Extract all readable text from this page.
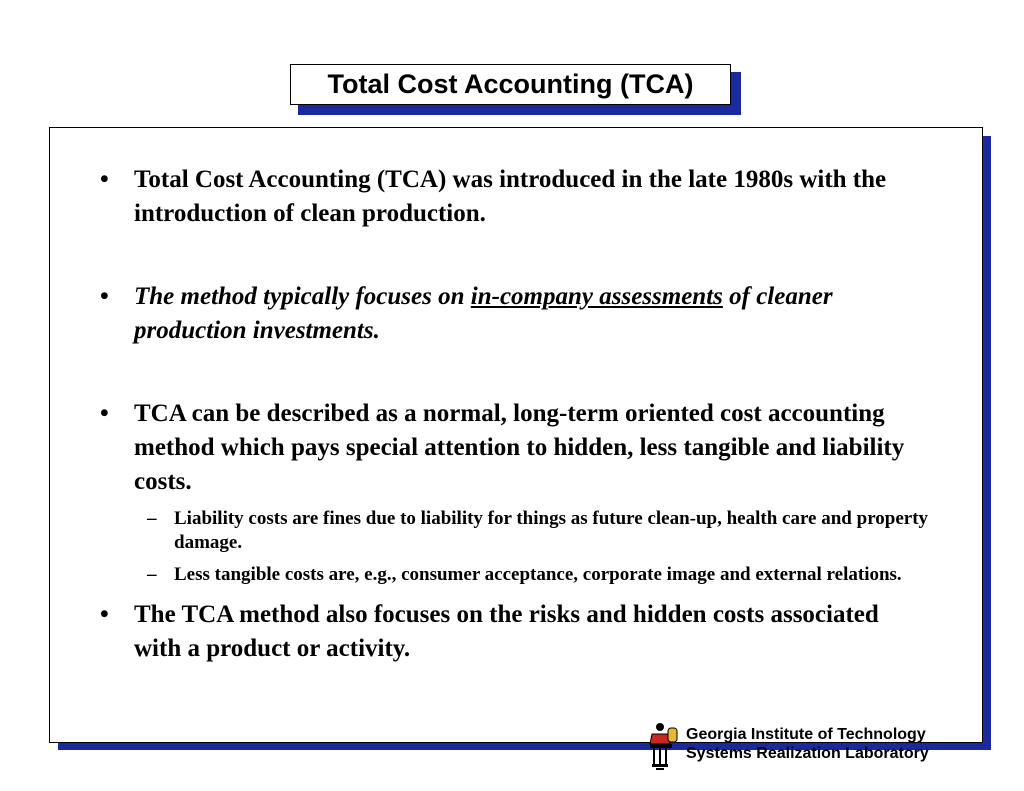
Total Cost Accounting (TCA)
• Total Cost Accounting (TCA) was introduced in the late 1980s with the introduction of clean production.
• The method typically focuses on in-company assessments of cleaner production investments.
• TCA can be described as a normal, long-term oriented cost accounting method which pays special attention to hidden, less tangible and liability costs.
– Liability costs are fines due to liability for things as future clean-up, health care and property damage.
– Less tangible costs are, e.g., consumer acceptance, corporate image and external relations.
• The TCA method also focuses on the risks and hidden costs associated with a product or activity.
Georgia Institute of Technology
Systems Realization Laboratory
